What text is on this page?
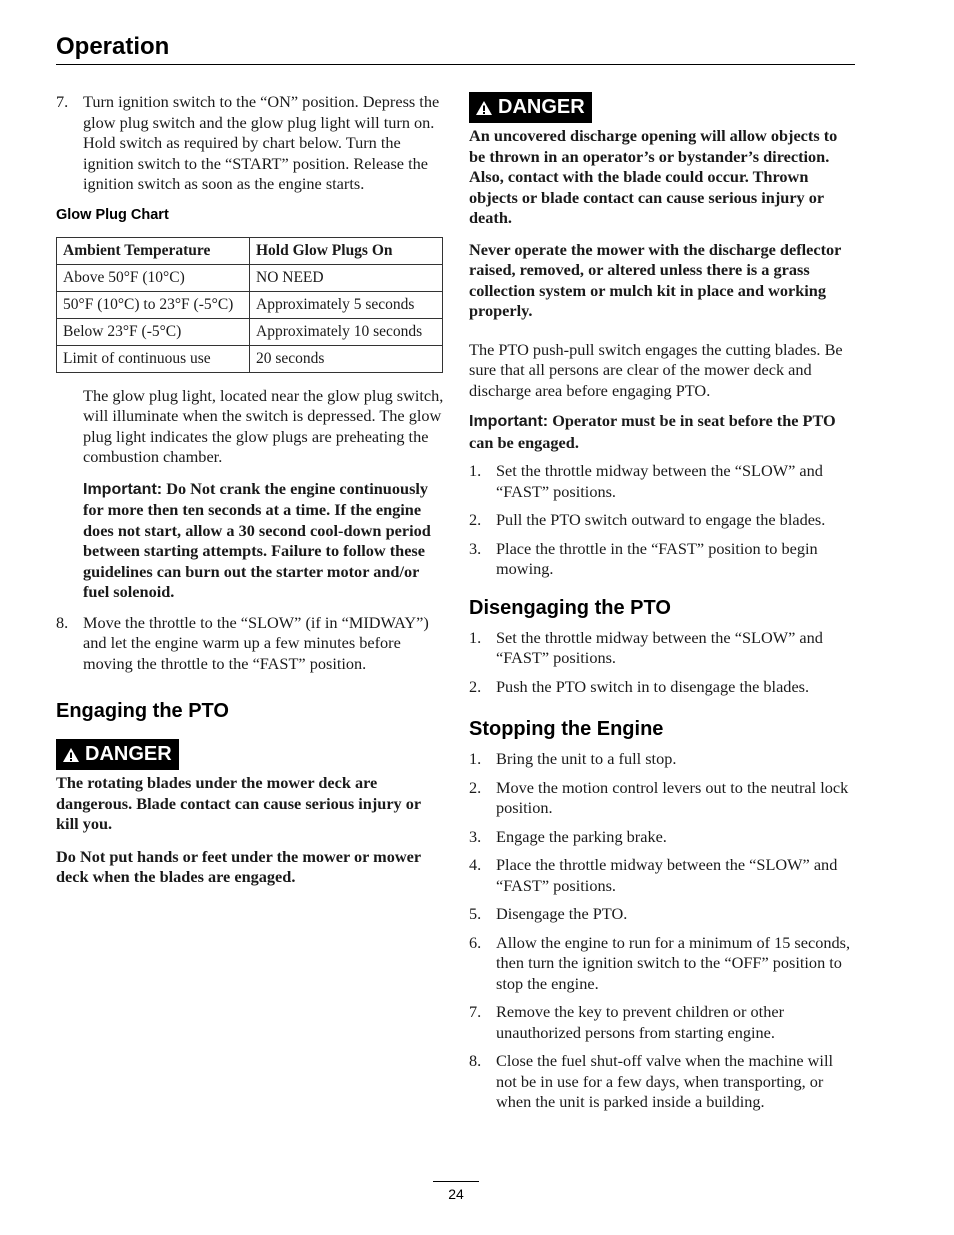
Operation
7. Turn ignition switch to the “ON” position. Depress the glow plug switch and the glow plug light will turn on. Hold switch as required by chart below. Turn the ignition switch to the “START” position. Release the ignition switch as soon as the engine starts.
Glow Plug Chart
Ambient Temperature	Hold Glow Plugs On
Above 50°F (10°C)	NO NEED
50°F (10°C) to 23°F (-5°C)	Approximately 5 seconds
Below 23°F (-5°C)	Approximately 10 seconds
Limit of continuous use	20 seconds
The glow plug light, located near the glow plug switch, will illuminate when the switch is depressed. The glow plug light indicates the glow plugs are preheating the combustion chamber.
Important: Do Not crank the engine continuously for more then ten seconds at a time. If the engine does not start, allow a 30 second cool-down period between starting attempts. Failure to follow these guidelines can burn out the starter motor and/or fuel solenoid.
8. Move the throttle to the “SLOW” (if in “MIDWAY”) and let the engine warm up a few minutes before moving the throttle to the “FAST” position.
Engaging the PTO
DANGER
The rotating blades under the mower deck are dangerous. Blade contact can cause serious injury or kill you.
Do Not put hands or feet under the mower or mower deck when the blades are engaged.
DANGER
An uncovered discharge opening will allow objects to be thrown in an operator’s or bystander’s direction. Also, contact with the blade could occur. Thrown objects or blade contact can cause serious injury or death.
Never operate the mower with the discharge deflector raised, removed, or altered unless there is a grass collection system or mulch kit in place and working properly.
The PTO push-pull switch engages the cutting blades. Be sure that all persons are clear of the mower deck and discharge area before engaging PTO.
Important: Operator must be in seat before the PTO can be engaged.
1. Set the throttle midway between the “SLOW” and “FAST” positions.
2. Pull the PTO switch outward to engage the blades.
3. Place the throttle in the “FAST” position to begin mowing.
Disengaging the PTO
1. Set the throttle midway between the “SLOW” and “FAST” positions.
2. Push the PTO switch in to disengage the blades.
Stopping the Engine
1. Bring the unit to a full stop.
2. Move the motion control levers out to the neutral lock position.
3. Engage the parking brake.
4. Place the throttle midway between the “SLOW” and “FAST” positions.
5. Disengage the PTO.
6. Allow the engine to run for a minimum of 15 seconds, then turn the ignition switch to the “OFF” position to stop the engine.
7. Remove the key to prevent children or other unauthorized persons from starting engine.
8. Close the fuel shut-off valve when the machine will not be in use for a few days, when transporting, or when the unit is parked inside a building.
24
